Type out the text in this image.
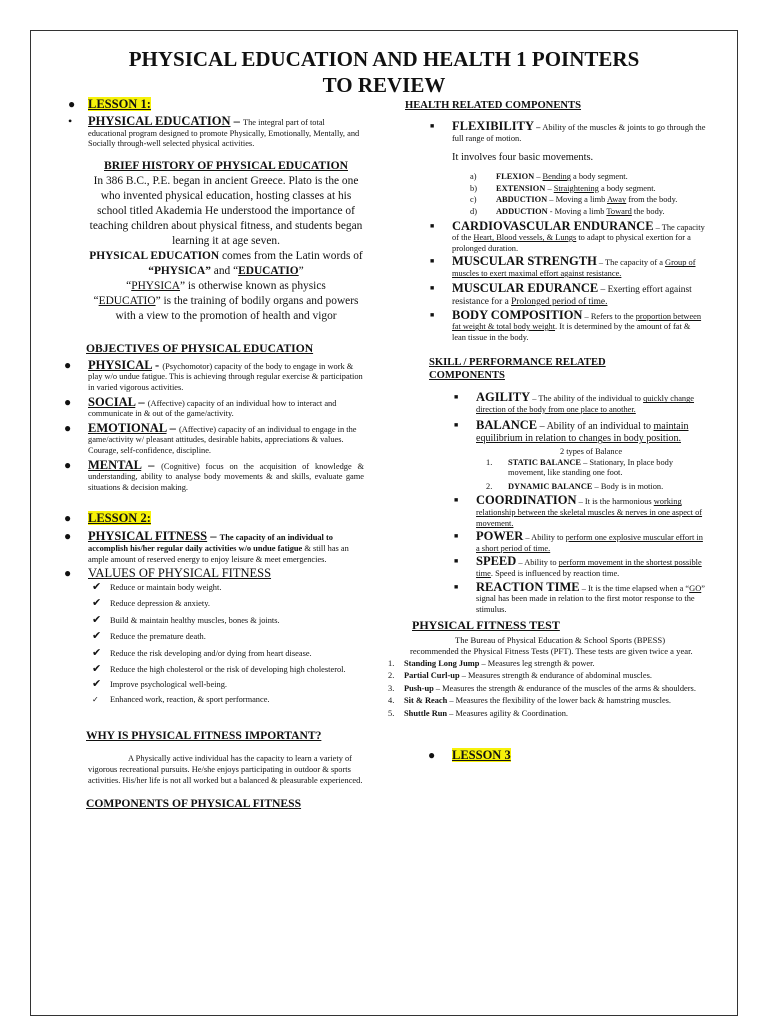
PHYSICAL EDUCATION AND HEALTH 1 POINTERS
TO REVIEW
● LESSON 1:
• PHYSICAL EDUCATION – The integral part of total educational program designed to promote Physically, Emotionally, Mentally, and Socially through-well selected physical activities.
BRIEF HISTORY OF PHYSICAL EDUCATION
In 386 B.C., P.E. began in ancient Greece. Plato is the one who invented physical education, hosting classes at his school titled Akademia He understood the importance of teaching children about physical fitness, and students began learning it at age seven.
PHYSICAL EDUCATION comes from the Latin words of “PHYSICA” and “EDUCATIO”
“PHYSICA” is otherwise known as physics
“EDUCATIO” is the training of bodily organs and powers with a view to the promotion of health and vigor
OBJECTIVES OF PHYSICAL EDUCATION
● PHYSICAL - (Psychomotor) capacity of the body to engage in work & play w/o undue fatigue. This is achieving through regular exercise & participation in varied vigorous activities.
● SOCIAL – (Affective) capacity of an individual how to interact and communicate in & out of the game/activity.
● EMOTIONAL – (Affective) capacity of an individual to engage in the game/activity w/ pleasant attitudes, desirable habits, appreciations & values. Courage, self-confidence, discipline.
● MENTAL – (Cognitive) focus on the acquisition of knowledge & understanding, ability to analyse body movements & and skills, evaluate game situations & decision making.
● LESSON 2:
● PHYSICAL FITNESS – The capacity of an individual to accomplish his/her regular daily activities w/o undue fatigue & still has an ample amount of reserved energy to enjoy leisure & meet emergencies.
● VALUES OF PHYSICAL FITNESS
✔ Reduce or maintain body weight.
✔ Reduce depression & anxiety.
✔ Build & maintain healthy muscles, bones & joints.
✔ Reduce the premature death.
✔ Reduce the risk developing and/or dying from heart disease.
✔ Reduce the high cholesterol or the risk of developing high cholesterol.
✔ Improve psychological well-being.
✓ Enhanced work, reaction, & sport performance.
WHY IS PHYSICAL FITNESS IMPORTANT?
A Physically active individual has the capacity to learn a variety of vigorous recreational pursuits. He/she enjoys participating in outdoor & sports activities. His/her life is not all worked but a balanced & pleasurable experienced.
COMPONENTS OF PHYSICAL FITNESS
HEALTH RELATED COMPONENTS
■ FLEXIBILITY – Ability of the muscles & joints to go through the full range of motion.
It involves four basic movements.
a) FLEXION – Bending a body segment.
b) EXTENSION – Straightening a body segment.
c) ABDUCTION – Moving a limb Away from the body.
d) ADDUCTION - Moving a limb Toward the body.
■ CARDIOVASCULAR ENDURANCE – The capacity of the Heart, Blood vessels, & Lungs to adapt to physical exertion for a prolonged duration.
■ MUSCULAR STRENGTH – The capacity of a Group of muscles to exert maximal effort against resistance.
■ MUSCULAR EDURANCE – Exerting effort against resistance for a Prolonged period of time.
■ BODY COMPOSITION – Refers to the proportion between fat weight & total body weight. It is determined by the amount of fat & lean tissue in the body.
SKILL / PERFORMANCE RELATED COMPONENTS
■ AGILITY – The ability of the individual to quickly change direction of the body from one place to another.
■ BALANCE – Ability of an individual to maintain equilibrium in relation to changes in body position.
2 types of Balance
1. STATIC BALANCE – Stationary, In place body movement, like standing one foot.
2. DYNAMIC BALANCE – Body is in motion.
■ COORDINATION – It is the harmonious working relationship between the skeletal muscles & nerves in one aspect of movement.
■ POWER – Ability to perform one explosive muscular effort in a short period of time.
■ SPEED – Ability to perform movement in the shortest possible time. Speed is influenced by reaction time.
■ REACTION TIME – It is the time elapsed when a “GO” signal has been made in relation to the first motor response to the stimulus.
PHYSICAL FITNESS TEST
The Bureau of Physical Education & School Sports (BPESS) recommended the Physical Fitness Tests (PFT). These tests are given twice a year.
1. Standing Long Jump – Measures leg strength & power.
2. Partial Curl-up – Measures strength & endurance of abdominal muscles.
3. Push-up – Measures the strength & endurance of the muscles of the arms & shoulders.
4. Sit & Reach – Measures the flexibility of the lower back & hamstring muscles.
5. Shuttle Run – Measures agility & Coordination.
● LESSON 3
